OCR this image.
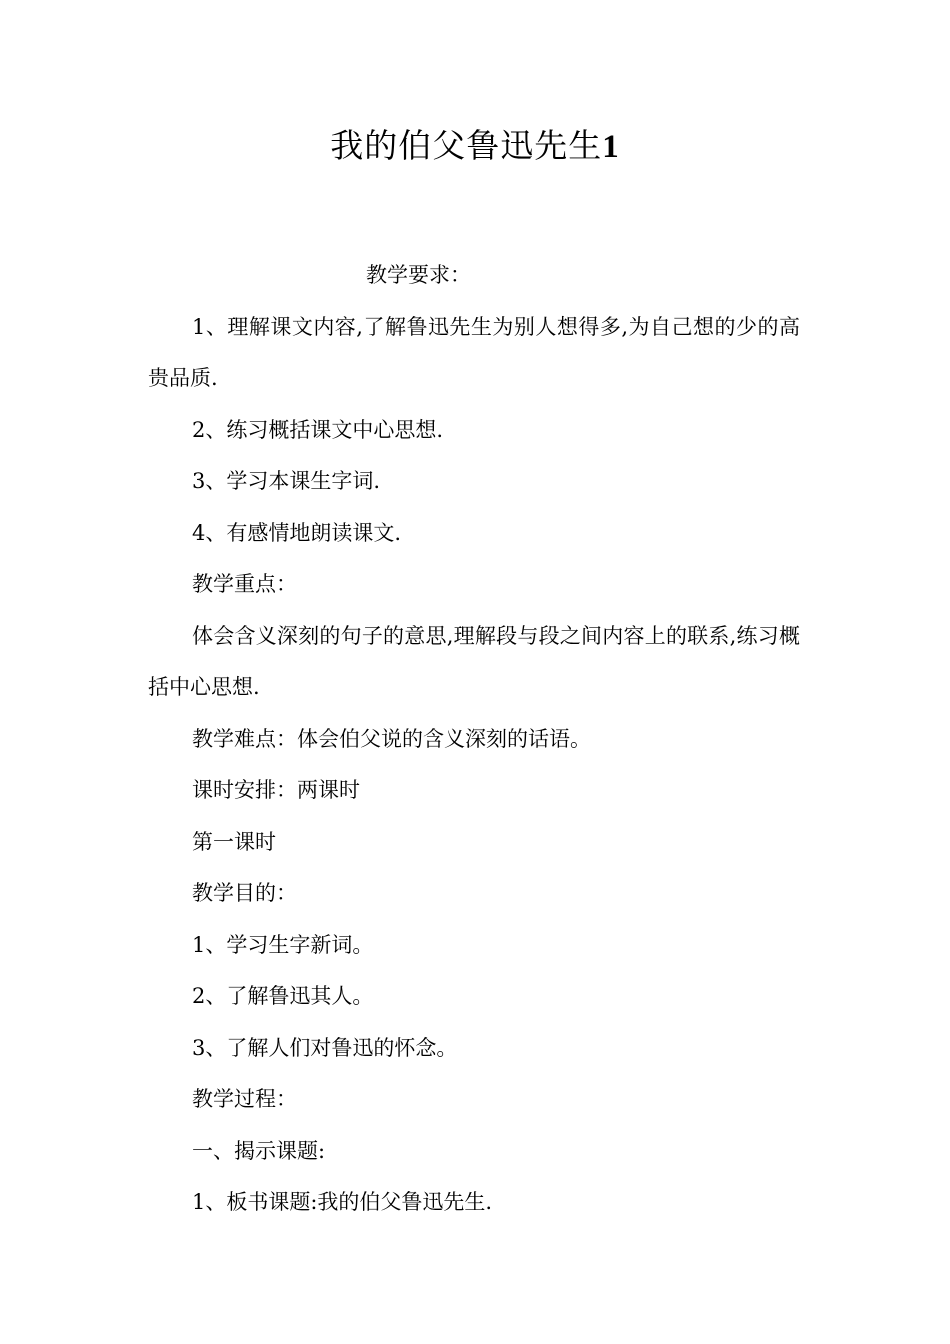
我的伯父鲁迅先生1

教学要求：

1、理解课文内容,了解鲁迅先生为别人想得多,为自己想的少的高贵品质.

2、练习概括课文中心思想.

3、学习本课生字词.

4、有感情地朗读课文.

教学重点：

体会含义深刻的句子的意思,理解段与段之间内容上的联系,练习概括中心思想.

教学难点：体会伯父说的含义深刻的话语。

课时安排：两课时

第一课时

教学目的：

1、学习生字新词。

2、了解鲁迅其人。

3、了解人们对鲁迅的怀念。

教学过程：

一、揭示课题:

1、板书课题:我的伯父鲁迅先生.
